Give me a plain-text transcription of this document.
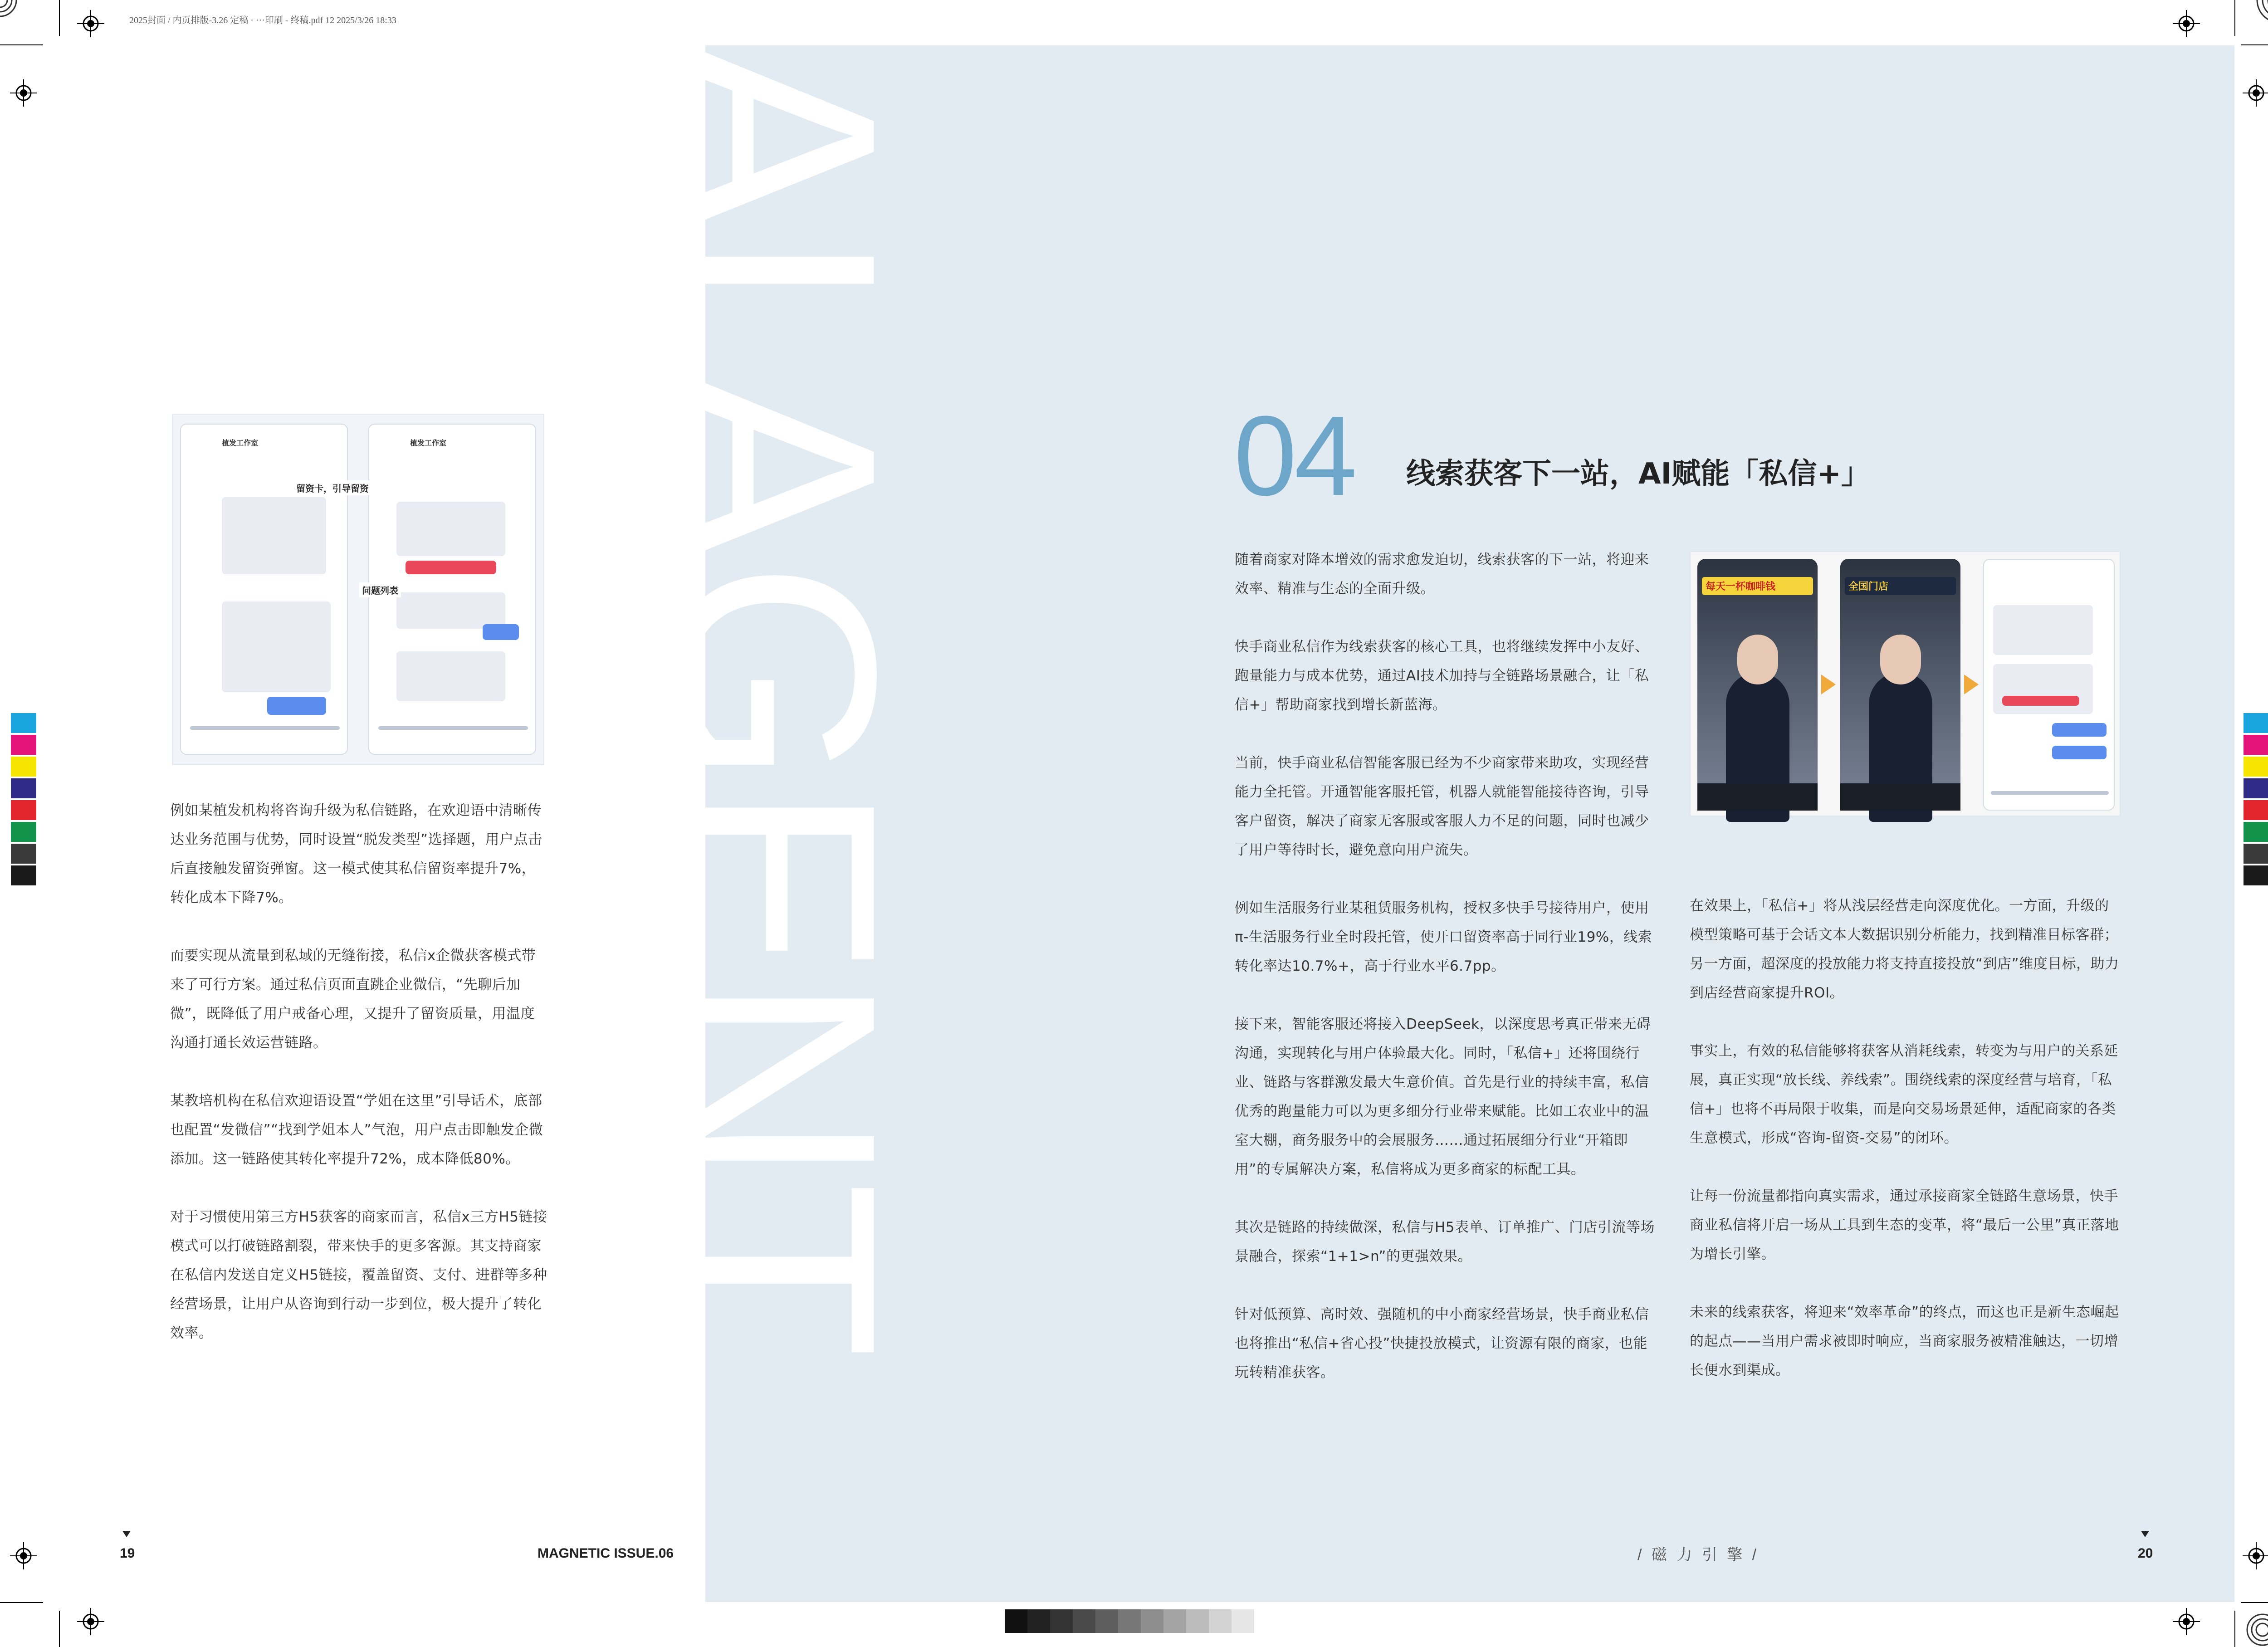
2025封面 / 内页排版-3.26 定稿 · ···印刷 - 终稿.pdf 12 2025/3/26 18:33
AI AGENT
植发工作室	植发工作室
留资卡，引导留资
问题列表

例如某植发机构将咨询升级为私信链路，在欢迎语中清晰传达业务范围与优势，同时设置“脱发类型”选择题，用户点击后直接触发留资弹窗。这一模式使其私信留资率提升7%，转化成本下降7%。

而要实现从流量到私域的无缝衔接，私信x企微获客模式带来了可行方案。通过私信页面直跳企业微信，“先聊后加微”，既降低了用户戒备心理，又提升了留资质量，用温度沟通打通长效运营链路。

某教培机构在私信欢迎语设置“学姐在这里”引导话术，底部也配置“发微信”“找到学姐本人”气泡，用户点击即触发企微添加。这一链路使其转化率提升72%，成本降低80%。

对于习惯使用第三方H5获客的商家而言，私信x三方H5链接模式可以打破链路割裂，带来快手的更多客源。其支持商家在私信内发送自定义H5链接，覆盖留资、支付、进群等多种经营场景，让用户从咨询到行动一步到位，极大提升了转化效率。

04 线索获客下一站，AI赋能「私信+」

随着商家对降本增效的需求愈发迫切，线索获客的下一站，将迎来效率、精准与生态的全面升级。

快手商业私信作为线索获客的核心工具，也将继续发挥中小友好、跑量能力与成本优势，通过AI技术加持与全链路场景融合，让「私信+」帮助商家找到增长新蓝海。

当前，快手商业私信智能客服已经为不少商家带来助攻，实现经营能力全托管。开通智能客服托管，机器人就能智能接待咨询，引导客户留资，解决了商家无客服或客服人力不足的问题，同时也减少了用户等待时长，避免意向用户流失。

例如生活服务行业某租赁服务机构，授权多快手号接待用户，使用π-生活服务行业全时段托管，使开口留资率高于同行业19%，线索转化率达10.7%+，高于行业水平6.7pp。

接下来，智能客服还将接入DeepSeek，以深度思考真正带来无碍沟通，实现转化与用户体验最大化。同时，「私信+」还将围绕行业、链路与客群激发最大生意价值。首先是行业的持续丰富，私信优秀的跑量能力可以为更多细分行业带来赋能。比如工农业中的温室大棚，商务服务中的会展服务……通过拓展细分行业“开箱即用”的专属解决方案，私信将成为更多商家的标配工具。

其次是链路的持续做深，私信与H5表单、订单推广、门店引流等场景融合，探索“1+1>n”的更强效果。

针对低预算、高时效、强随机的中小商家经营场景，快手商业私信也将推出“私信+省心投”快捷投放模式，让资源有限的商家，也能玩转精准获客。

每天一杯咖啡钱	全国门店

在效果上，「私信+」将从浅层经营走向深度优化。一方面，升级的模型策略可基于会话文本大数据识别分析能力，找到精准目标客群；另一方面，超深度的投放能力将支持直接投放“到店”维度目标，助力到店经营商家提升ROI。

事实上，有效的私信能够将获客从消耗线索，转变为与用户的关系延展，真正实现“放长线、养线索”。围绕线索的深度经营与培育，「私信+」也将不再局限于收集，而是向交易场景延伸，适配商家的各类生意模式，形成“咨询-留资-交易”的闭环。

让每一份流量都指向真实需求，通过承接商家全链路生意场景，快手商业私信将开启一场从工具到生态的变革，将“最后一公里”真正落地为增长引擎。

未来的线索获客，将迎来“效率革命”的终点，而这也正是新生态崛起的起点——当用户需求被即时响应，当商家服务被精准触达，一切增长便水到渠成。

19	MAGNETIC ISSUE.06	/ 磁 力 引 擎 /	20
